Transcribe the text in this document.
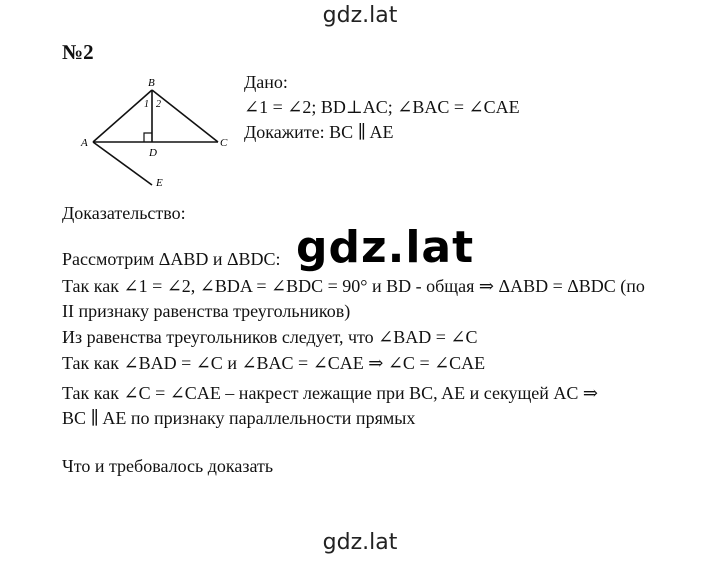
gdz.lat
№2
B
A	C
D
E
1 2
Дано:
∠1 = ∠2; BD⊥AC; ∠BAC = ∠CAE
Докажите: BC ∥ AE
Доказательство:
Рассмотрим ΔABD и ΔBDC:
Так как ∠1 = ∠2, ∠BDA = ∠BDC = 90° и BD - общая ⇒ ΔABD = ΔBDC (по
II признаку равенства треугольников)
Из равенства треугольников следует, что ∠BAD = ∠C
Так как ∠BAD = ∠C и ∠BAC = ∠CAE ⇒ ∠C = ∠CAE
Так как ∠C = ∠CAE – накрест лежащие при BC, AE и секущей AC ⇒
BC ∥ AE по признаку параллельности прямых
Что и требовалось доказать
gdz.lat
gdz.lat
